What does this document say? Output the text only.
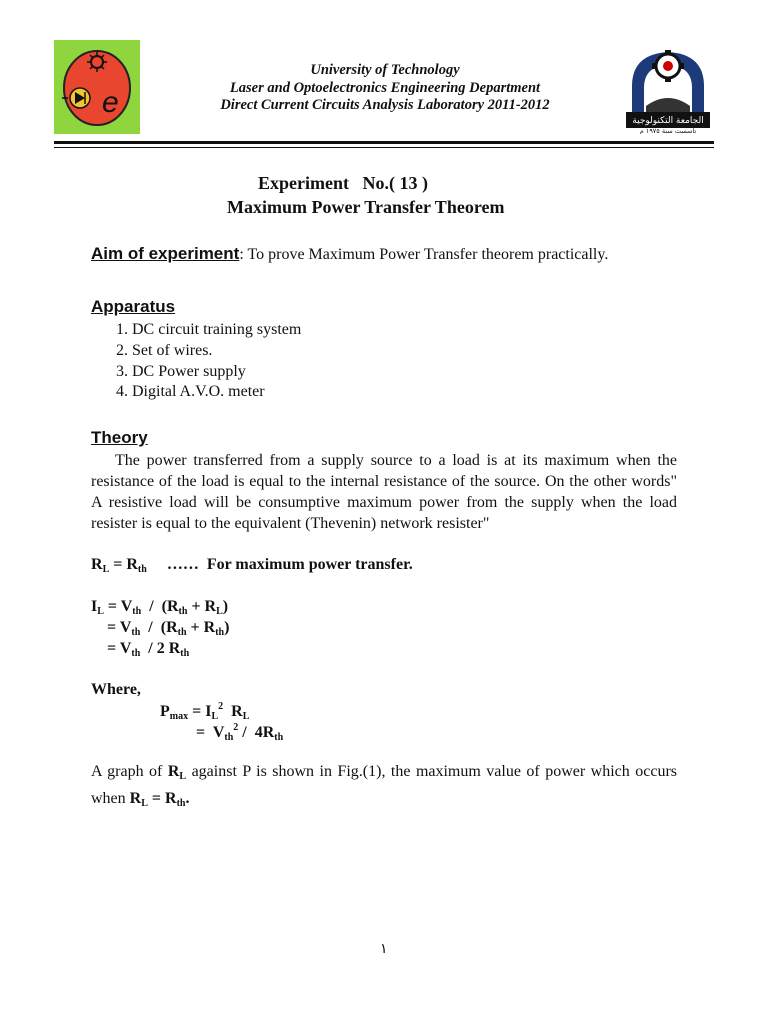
e
University of Technology
Laser and Optoelectronics Engineering Department
Direct Current Circuits Analysis Laboratory 2011-2012
الجامعة التكنولوجية
تأسست سنة ١٩٧٥ م
Experiment   No.( 13 )
Maximum Power Transfer Theorem
Aim of experiment: To prove Maximum Power Transfer theorem practically.
Apparatus
1. DC circuit training system
2. Set of wires.
3. DC Power supply
4. Digital A.V.O. meter
Theory
The power transferred from a supply source to a load is at its maximum when the resistance of the load is equal to the internal resistance of the source. On the other words" A resistive load will be consumptive maximum power from the supply when the load resister is equal to the equivalent (Thevenin) network resister"
$R_L = R_{th}$ ……  For maximum power transfer.
$I_L = V_{th} / (R_{th} + R_L)$
= $V_{th} / (R_{th} + R_{th})$
= $V_{th} / 2$ $R_{th}$
Where,
$P_{max} = I_L^2$  $R_L$
=  $V_{th}^2 / 4R_{th}$
A graph of $R_L$ against P is shown in Fig.(1), the maximum value of power which occurs when $R_L = R_{th}$.
١
